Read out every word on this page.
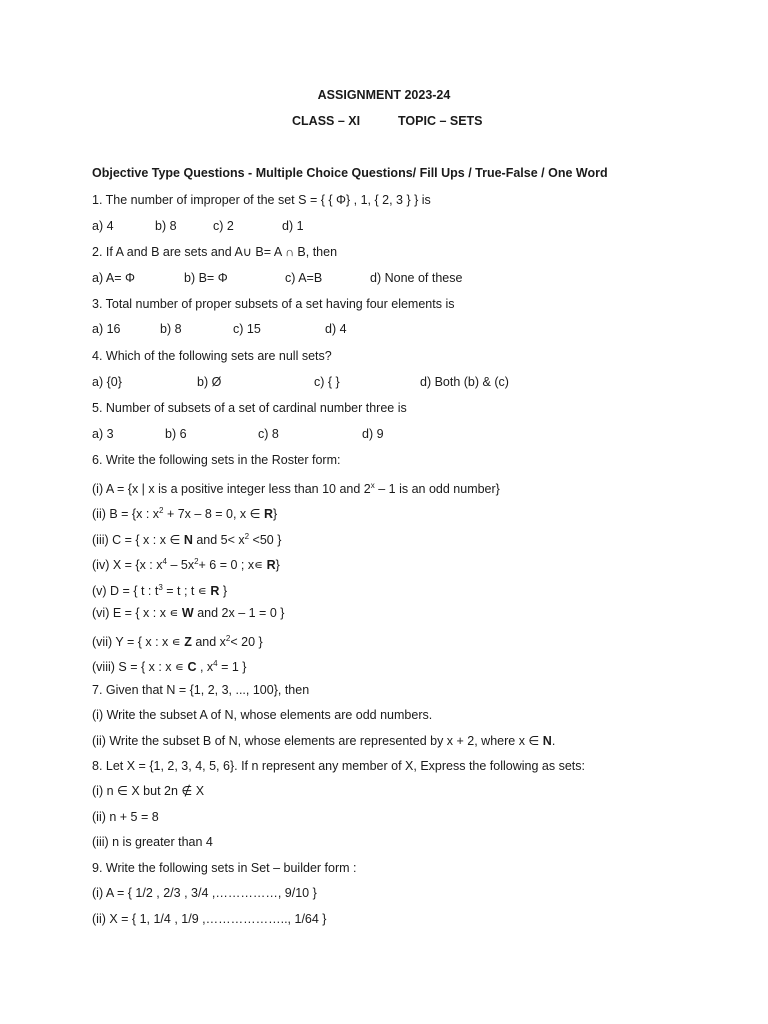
ASSIGNMENT 2023-24
CLASS – XI	TOPIC – SETS
Objective Type Questions - Multiple Choice Questions/ Fill Ups / True-False / One Word
1. The number of improper of the set S = { { Φ} , 1, { 2, 3 } } is
a) 4	b) 8	c) 2	d) 1
2. If A and B are sets and A∪ B= A ∩ B, then
a) A= Φ	b) B= Φ	c) A=B	d) None of these
3. Total number of proper subsets of a set having four elements is
a) 16	b) 8	c) 15	d) 4
4. Which of the following sets are null sets?
a) {0}	b) Ø	c) { }	d) Both (b) & (c)
5. Number of subsets of a set of cardinal number three is
a) 3	b) 6	c) 8	d) 9
6. Write the following sets in the Roster form:
(i) A = {x | x is a positive integer less than 10 and 2$^x$ – 1 is an odd number}
(ii) B = {x : $x^2 + 7x - 8 = 0$, x ∈ R}
(iii) C = { x : x ∈ N and $5< x^2 <50$ }
(iv) X = {x : $x^4 - 5x^2+ 6 = 0$ ; x∊ R}
(v) D = { t : $t^3 = t$ ; t ∊ R }
(vi) E = { x : x ∊ W and 2x – 1 = 0 }
(vii) Y = { x : x ∊ Z and $x^2< 20$ }
(viii) S = { x : x ∊ C , $x^4 = 1$ }
7. Given that N = {1, 2, 3, ..., 100}, then
(i) Write the subset A of N, whose elements are odd numbers.
(ii) Write the subset B of N, whose elements are represented by x + 2, where x ∈ N.
8. Let X = {1, 2, 3, 4, 5, 6}. If n represent any member of X, Express the following as sets:
(i) n ∈ X but 2n ∉ X
(ii) n + 5 = 8
(iii) n is greater than 4
9. Write the following sets in Set – builder form :
(i) A = { 1/2 , 2/3 , 3/4 ,……………, 9/10 }
(ii) X = { 1, 1/4 , 1/9 ,……………….., 1/64 }
